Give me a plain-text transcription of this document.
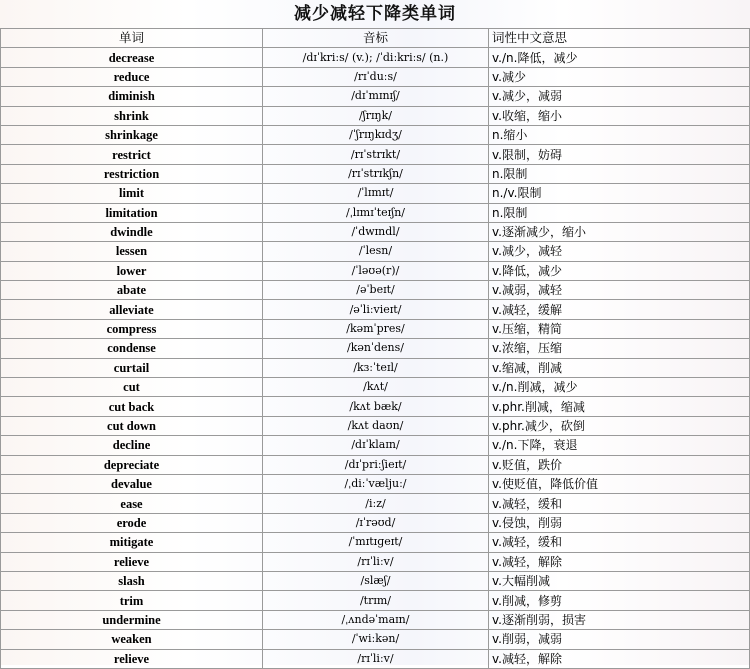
减少减轻下降类单词
单词	音标	词性中文意思
decrease	/dɪˈkriːs/ (v.); /ˈdiːkriːs/ (n.)	v./n.降低，减少
reduce	/rɪˈduːs/	v.减少
diminish	/dɪˈmɪnɪʃ/	v.减少，减弱
shrink	/ʃrɪŋk/	v.收缩，缩小
shrinkage	/ˈʃrɪŋkɪdʒ/	n.缩小
restrict	/rɪˈstrɪkt/	v.限制，妨碍
restriction	/rɪˈstrɪkʃn/	n.限制
limit	/ˈlɪmɪt/	n./v.限制
limitation	/ˌlɪmɪˈteɪʃn/	n.限制
dwindle	/ˈdwɪndl/	v.逐渐减少，缩小
lessen	/ˈlesn/	v.减少，减轻
lower	/ˈləʊə(r)/	v.降低，减少
abate	/əˈbeɪt/	v.减弱，减轻
alleviate	/əˈliːvieɪt/	v.减轻，缓解
compress	/kəmˈpres/	v.压缩，精简
condense	/kənˈdens/	v.浓缩，压缩
curtail	/kɜːˈteɪl/	v.缩减，削减
cut	/kʌt/	v./n.削减，减少
cut back	/kʌt bæk/	v.phr.削减，缩减
cut down	/kʌt daʊn/	v.phr.减少，砍倒
decline	/dɪˈklaɪn/	v./n.下降，衰退
depreciate	/dɪˈpriːʃieɪt/	v.贬值，跌价
devalue	/ˌdiːˈvæljuː/	v.使贬值，降低价值
ease	/iːz/	v.减轻，缓和
erode	/ɪˈrəʊd/	v.侵蚀，削弱
mitigate	/ˈmɪtɪɡeɪt/	v.减轻，缓和
relieve	/rɪˈliːv/	v.减轻，解除
slash	/slæʃ/	v.大幅削减
trim	/trɪm/	v.削减，修剪
undermine	/ˌʌndəˈmaɪn/	v.逐渐削弱，损害
weaken	/ˈwiːkən/	v.削弱，减弱
relieve	/rɪˈliːv/	v.减轻，解除
